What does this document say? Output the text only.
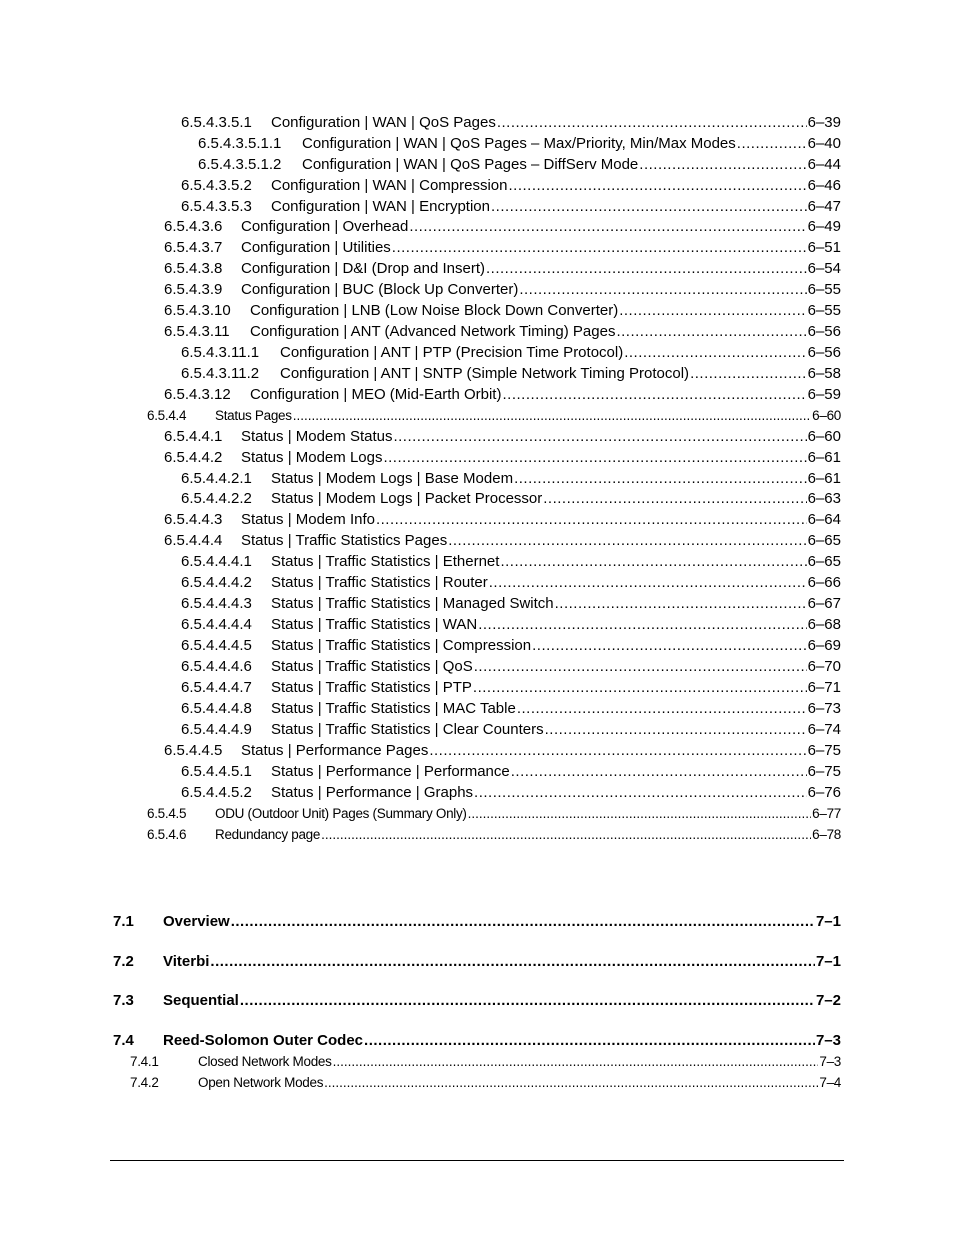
6.5.4.3.5.1	Configuration | WAN | QoS Pages .....	6–39
6.5.4.3.5.1.1	Configuration | WAN | QoS Pages – Max/Priority, Min/Max Modes .....	6–40
6.5.4.3.5.1.2	Configuration | WAN | QoS Pages – DiffServ Mode .....	6–44
6.5.4.3.5.2	Configuration | WAN | Compression .....	6–46
6.5.4.3.5.3	Configuration | WAN | Encryption .....	6–47
6.5.4.3.6	Configuration | Overhead .....	6–49
6.5.4.3.7	Configuration | Utilities .....	6–51
6.5.4.3.8	Configuration | D&I (Drop and Insert) .....	6–54
6.5.4.3.9	Configuration | BUC (Block Up Converter) .....	6–55
6.5.4.3.10	Configuration | LNB (Low Noise Block Down Converter) .....	6–55
6.5.4.3.11	Configuration | ANT (Advanced Network Timing) Pages .....	6–56
6.5.4.3.11.1	Configuration | ANT | PTP (Precision Time Protocol) .....	6–56
6.5.4.3.11.2	Configuration | ANT | SNTP (Simple Network Timing Protocol) .....	6–58
6.5.4.3.12	Configuration | MEO (Mid-Earth Orbit) .....	6–59
6.5.4.4	Status Pages .....	6–60
6.5.4.4.1	Status | Modem Status .....	6–60
6.5.4.4.2	Status | Modem Logs .....	6–61
6.5.4.4.2.1	Status | Modem Logs | Base Modem .....	6–61
6.5.4.4.2.2	Status | Modem Logs | Packet Processor .....	6–63
6.5.4.4.3	Status | Modem Info .....	6–64
6.5.4.4.4	Status | Traffic Statistics Pages .....	6–65
6.5.4.4.4.1	Status | Traffic Statistics | Ethernet .....	6–65
6.5.4.4.4.2	Status | Traffic Statistics | Router .....	6–66
6.5.4.4.4.3	Status | Traffic Statistics | Managed Switch .....	6–67
6.5.4.4.4.4	Status | Traffic Statistics | WAN .....	6–68
6.5.4.4.4.5	Status | Traffic Statistics | Compression .....	6–69
6.5.4.4.4.6	Status | Traffic Statistics | QoS .....	6–70
6.5.4.4.4.7	Status | Traffic Statistics | PTP .....	6–71
6.5.4.4.4.8	Status | Traffic Statistics | MAC Table .....	6–73
6.5.4.4.4.9	Status | Traffic Statistics | Clear Counters .....	6–74
6.5.4.4.5	Status | Performance Pages .....	6–75
6.5.4.4.5.1	Status | Performance | Performance .....	6–75
6.5.4.4.5.2	Status | Performance | Graphs .....	6–76
6.5.4.5	ODU (Outdoor Unit) Pages (Summary Only) .....	6–77
6.5.4.6	Redundancy page .....	6–78
7.1	Overview .....	7–1
7.2	Viterbi .....	7–1
7.3	Sequential .....	7–2
7.4	Reed-Solomon Outer Codec .....	7–3
7.4.1	Closed Network Modes .....	7–3
7.4.2	Open Network Modes .....	7–4
